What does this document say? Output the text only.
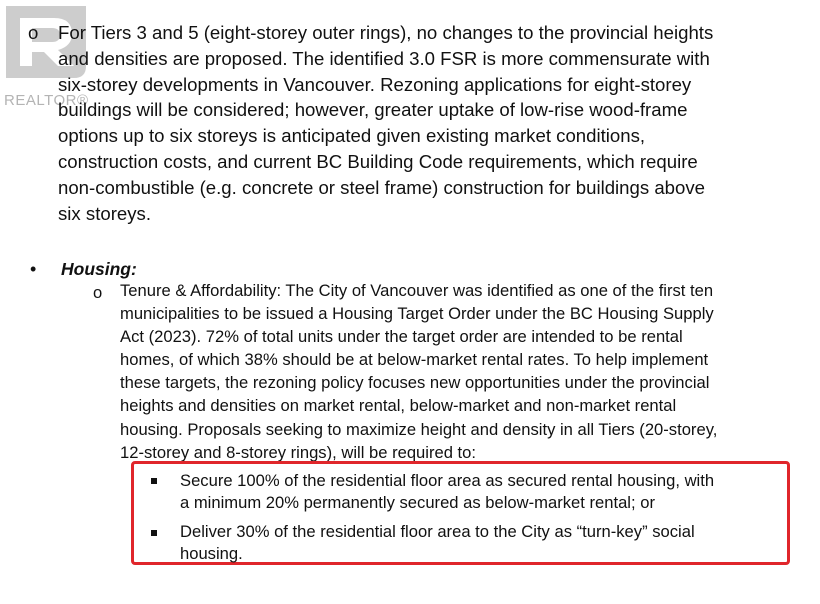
REALTOR®
o For Tiers 3 and 5 (eight-storey outer rings), no changes to the provincial heights
and densities are proposed. The identified 3.0 FSR is more commensurate with
six-storey developments in Vancouver. Rezoning applications for eight-storey
buildings will be considered; however, greater uptake of low-rise wood-frame
options up to six storeys is anticipated given existing market conditions,
construction costs, and current BC Building Code requirements, which require
non-combustible (e.g. concrete or steel frame) construction for buildings above
six storeys.
• Housing:
o Tenure & Affordability: The City of Vancouver was identified as one of the first ten
municipalities to be issued a Housing Target Order under the BC Housing Supply
Act (2023). 72% of total units under the target order are intended to be rental
homes, of which 38% should be at below-market rental rates. To help implement
these targets, the rezoning policy focuses new opportunities under the provincial
heights and densities on market rental, below-market and non-market rental
housing. Proposals seeking to maximize height and density in all Tiers (20-storey,
12-storey and 8-storey rings), will be required to:
Secure 100% of the residential floor area as secured rental housing, with
a minimum 20% permanently secured as below-market rental; or
Deliver 30% of the residential floor area to the City as “turn-key” social
housing.
